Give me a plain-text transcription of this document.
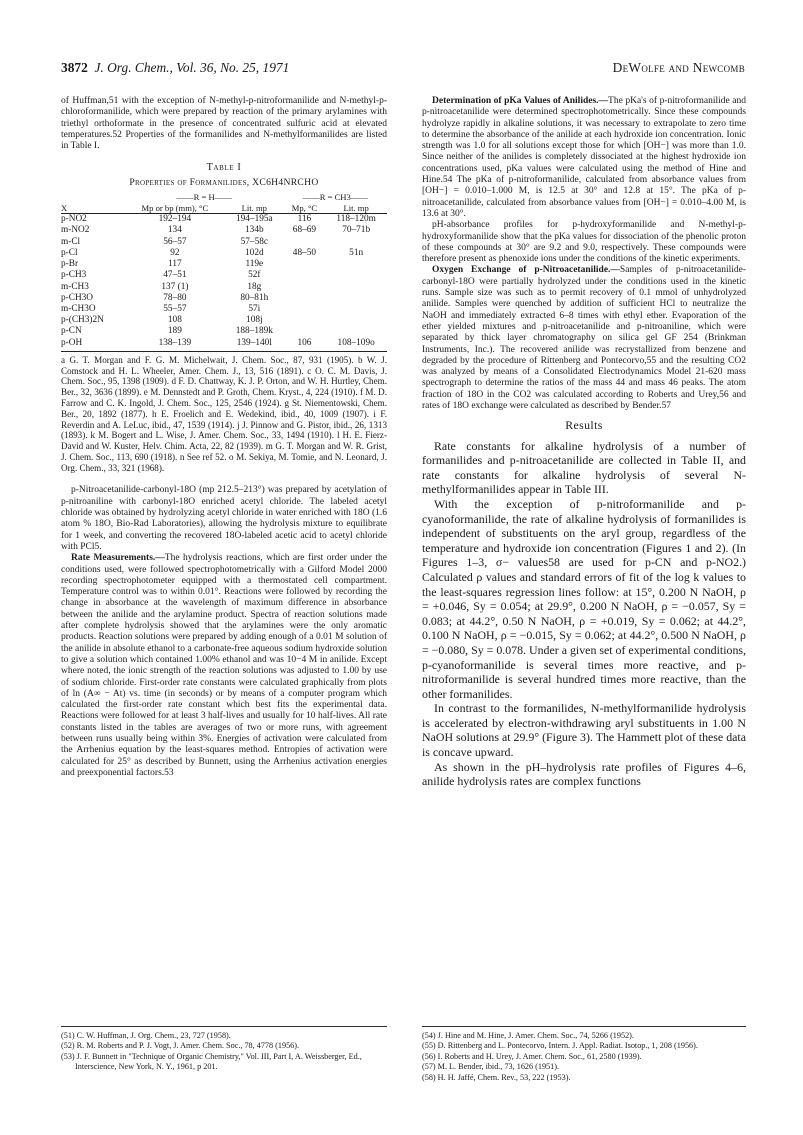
3872 J. Org. Chem., Vol. 36, No. 25, 1971	DeWolfe and Newcomb

of Huffman,51 with the exception of N-methyl-p-nitroformanilide and N-methyl-p-chloroformanilide, which were prepared by reaction of the primary arylamines with triethyl orthoformate in the presence of concentrated sulfuric acid at elevated temperatures.52 Properties of the formanilides and N-methylformanilides are listed in Table I.

Table I
Properties of Formanilides, XC6H4NRCHO
	——R = H——		——R = CH3——	
X	Mp or bp (mm), °C	Lit. mp	Mp, °C	Lit. mp
p-NO2	192–194	194–195a	116	118–120m
m-NO2	134	134b	68–69	70–71b
m-Cl	56–57	57–58c		
p-Cl	92	102d	48–50	51n
p-Br	117	119e		
p-CH3	47–51	52f		
m-CH3	137 (1)	18g		
p-CH3O	78–80	80–81h		
m-CH3O	55–57	57i		
p-(CH3)2N	108	108j		
p-CN	189	188–189k		
p-OH	138–139	139–140l	106	108–109o
a G. T. Morgan and F. G. M. Michelwait, J. Chem. Soc., 87, 931 (1905). b W. J. Comstock and H. L. Wheeler, Amer. Chem. J., 13, 516 (1891). c O. C. M. Davis, J. Chem. Soc., 95, 1398 (1909). d F. D. Chattway, K. J. P. Orton, and W. H. Hurtley, Chem. Ber., 32, 3636 (1899). e M. Dennstedt and P. Groth, Chem. Kryst., 4, 224 (1910). f M. D. Farrow and C. K. Ingold, J. Chem. Soc., 125, 2546 (1924). g St. Niementowski, Chem. Ber., 20, 1892 (1877). h E. Froelich and E. Wedekind, ibid., 40, 1009 (1907). i F. Reverdin and A. LeLuc, ibid., 47, 1539 (1914). j J. Pinnow and G. Pistor, ibid., 26, 1313 (1893). k M. Bogert and L. Wise, J. Amer. Chem. Soc., 33, 1494 (1910). l H. E. Fierz-David and W. Kuster, Helv. Chim. Acta, 22, 82 (1939). m G. T. Morgan and W. R. Grist, J. Chem. Soc., 113, 690 (1918). n See ref 52. o M. Sekiya, M. Tomie, and N. Leonard, J. Org. Chem., 33, 321 (1968).

p-Nitroacetanilide-carbonyl-18O (mp 212.5–213°) was prepared by acetylation of p-nitroaniline with carbonyl-18O enriched acetyl chloride. The labeled acetyl chloride was obtained by hydrolyzing acetyl chloride in water enriched with 18O (1.6 atom % 18O, Bio-Rad Laboratories), allowing the hydrolysis mixture to equilibrate for 1 week, and converting the recovered 18O-labeled acetic acid to acetyl chloride with PCl5.

Rate Measurements.—The hydrolysis reactions, which are first order under the conditions used, were followed spectrophotometrically with a Gilford Model 2000 recording spectrophotometer equipped with a thermostated cell compartment. Temperature control was to within 0.01°. Reactions were followed by recording the change in absorbance at the wavelength of maximum difference in absorbance between the anilide and the arylamine product. Spectra of reaction solutions made after complete hydrolysis showed that the arylamines were the only aromatic products. Reaction solutions were prepared by adding enough of a 0.01 M solution of the anilide in absolute ethanol to a carbonate-free aqueous sodium hydroxide solution to give a solution which contained 1.00% ethanol and was 10−4 M in anilide. Except where noted, the ionic strength of the reaction solutions was adjusted to 1.00 by use of sodium chloride. First-order rate constants were calculated graphically from plots of ln (A∞ − At) vs. time (in seconds) or by means of a computer program which calculated the first-order rate constant which best fits the experimental data. Reactions were followed for at least 3 half-lives and usually for 10 half-lives. All rate constants listed in the tables are averages of two or more runs, with agreement between runs usually being within 3%. Energies of activation were calculated from the Arrhenius equation by the least-squares method. Entropies of activation were calculated for 25° as described by Bunnett, using the Arrhenius activation energies and preexponential factors.53

Determination of pKa Values of Anilides.—The pKa's of p-nitroformanilide and p-nitroacetanilide were determined spectrophotometrically. Since these compounds hydrolyze rapidly in alkaline solutions, it was necessary to extrapolate to zero time to determine the absorbance of the anilide at each hydroxide ion concentration. Ionic strength was 1.0 for all solutions except those for which [OH−] was more than 1.0. Since neither of the anilides is completely dissociated at the highest hydroxide ion concentrations used, pKa values were calculated using the method of Hine and Hine.54 The pKa of p-nitroformanilide, calculated from absorbance values from [OH−] = 0.010–1.000 M, is 12.5 at 30° and 12.8 at 15°. The pKa of p-nitroacetanilide, calculated from absorbance values from [OH−] = 0.010–4.00 M, is 13.6 at 30°.

pH-absorbance profiles for p-hydroxyformanilide and N-methyl-p-hydroxyformanilide show that the pKa values for dissociation of the phenolic proton of these compounds at 30° are 9.2 and 9.0, respectively. These compounds were therefore present as phenoxide ions under the conditions of the kinetic experiments.

Oxygen Exchange of p-Nitroacetanilide.—Samples of p-nitroacetanilide-carbonyl-18O were partially hydrolyzed under the conditions used in the kinetic runs. Sample size was such as to permit recovery of 0.1 mmol of unhydrolyzed anilide. Samples were quenched by addition of sufficient HCl to neutralize the NaOH and immediately extracted 6–8 times with ethyl ether. Evaporation of the ether yielded mixtures and p-nitroacetanilide and p-nitroaniline, which were separated by thick layer chromatography on silica gel GF 254 (Brinkman Instruments, Inc.). The recovered anilide was recrystallized from benzene and degraded by the procedure of Rittenberg and Pontecorvo,55 and the resulting CO2 was analyzed by means of a Consolidated Electrodynamics Model 21-620 mass spectrograph to determine the ratios of the mass 44 and mass 46 peaks. The atom fraction of 18O in the CO2 was calculated according to Roberts and Urey,56 and rates of 18O exchange were calculated as described by Bender.57

Results

Rate constants for alkaline hydrolysis of a number of formanilides and p-nitroacetanilide are collected in Table II, and rate constants for alkaline hydrolysis of several N-methylformanilides appear in Table III.

With the exception of p-nitroformanilide and p-cyanoformanilide, the rate of alkaline hydrolysis of formanilides is independent of substituents on the aryl group, regardless of the temperature and hydroxide ion concentration (Figures 1 and 2). (In Figures 1–3, σ− values58 are used for p-CN and p-NO2.) Calculated ρ values and standard errors of fit of the log k values to the least-squares regression lines follow: at 15°, 0.200 N NaOH, ρ = +0.046, Sy = 0.054; at 29.9°, 0.200 N NaOH, ρ = −0.057, Sy = 0.083; at 44.2°, 0.50 N NaOH, ρ = +0.019, Sy = 0.062; at 44.2°, 0.100 N NaOH, ρ = −0.015, Sy = 0.062; at 44.2°, 0.500 N NaOH, ρ = −0.080, Sy = 0.078. Under a given set of experimental conditions, p-cyanoformanilide is several times more reactive, and p-nitroformanilide is several hundred times more reactive, than the other formanilides.

In contrast to the formanilides, N-methylformanilide hydrolysis is accelerated by electron-withdrawing aryl substituents in 1.00 N NaOH solutions at 29.9° (Figure 3). The Hammett plot of these data is concave upward.

As shown in the pH–hydrolysis rate profiles of Figures 4–6, anilide hydrolysis rates are complex functions

(51) C. W. Huffman, J. Org. Chem., 23, 727 (1958).
(52) R. M. Roberts and P. J. Vogt, J. Amer. Chem. Soc., 78, 4778 (1956).
(53) J. F. Bunnett in "Technique of Organic Chemistry," Vol. III, Part I, A. Weissberger, Ed., Interscience, New York, N. Y., 1961, p 201.
(54) J. Hine and M. Hine, J. Amer. Chem. Soc., 74, 5266 (1952).
(55) D. Rittenberg and L. Pontecorvo, Intern. J. Appl. Radiat. Isotop., 1, 208 (1956).
(56) I. Roberts and H. Urey, J. Amer. Chem. Soc., 61, 2580 (1939).
(57) M. L. Bender, ibid., 73, 1626 (1951).
(58) H. H. Jaffé, Chem. Rev., 53, 222 (1953).
